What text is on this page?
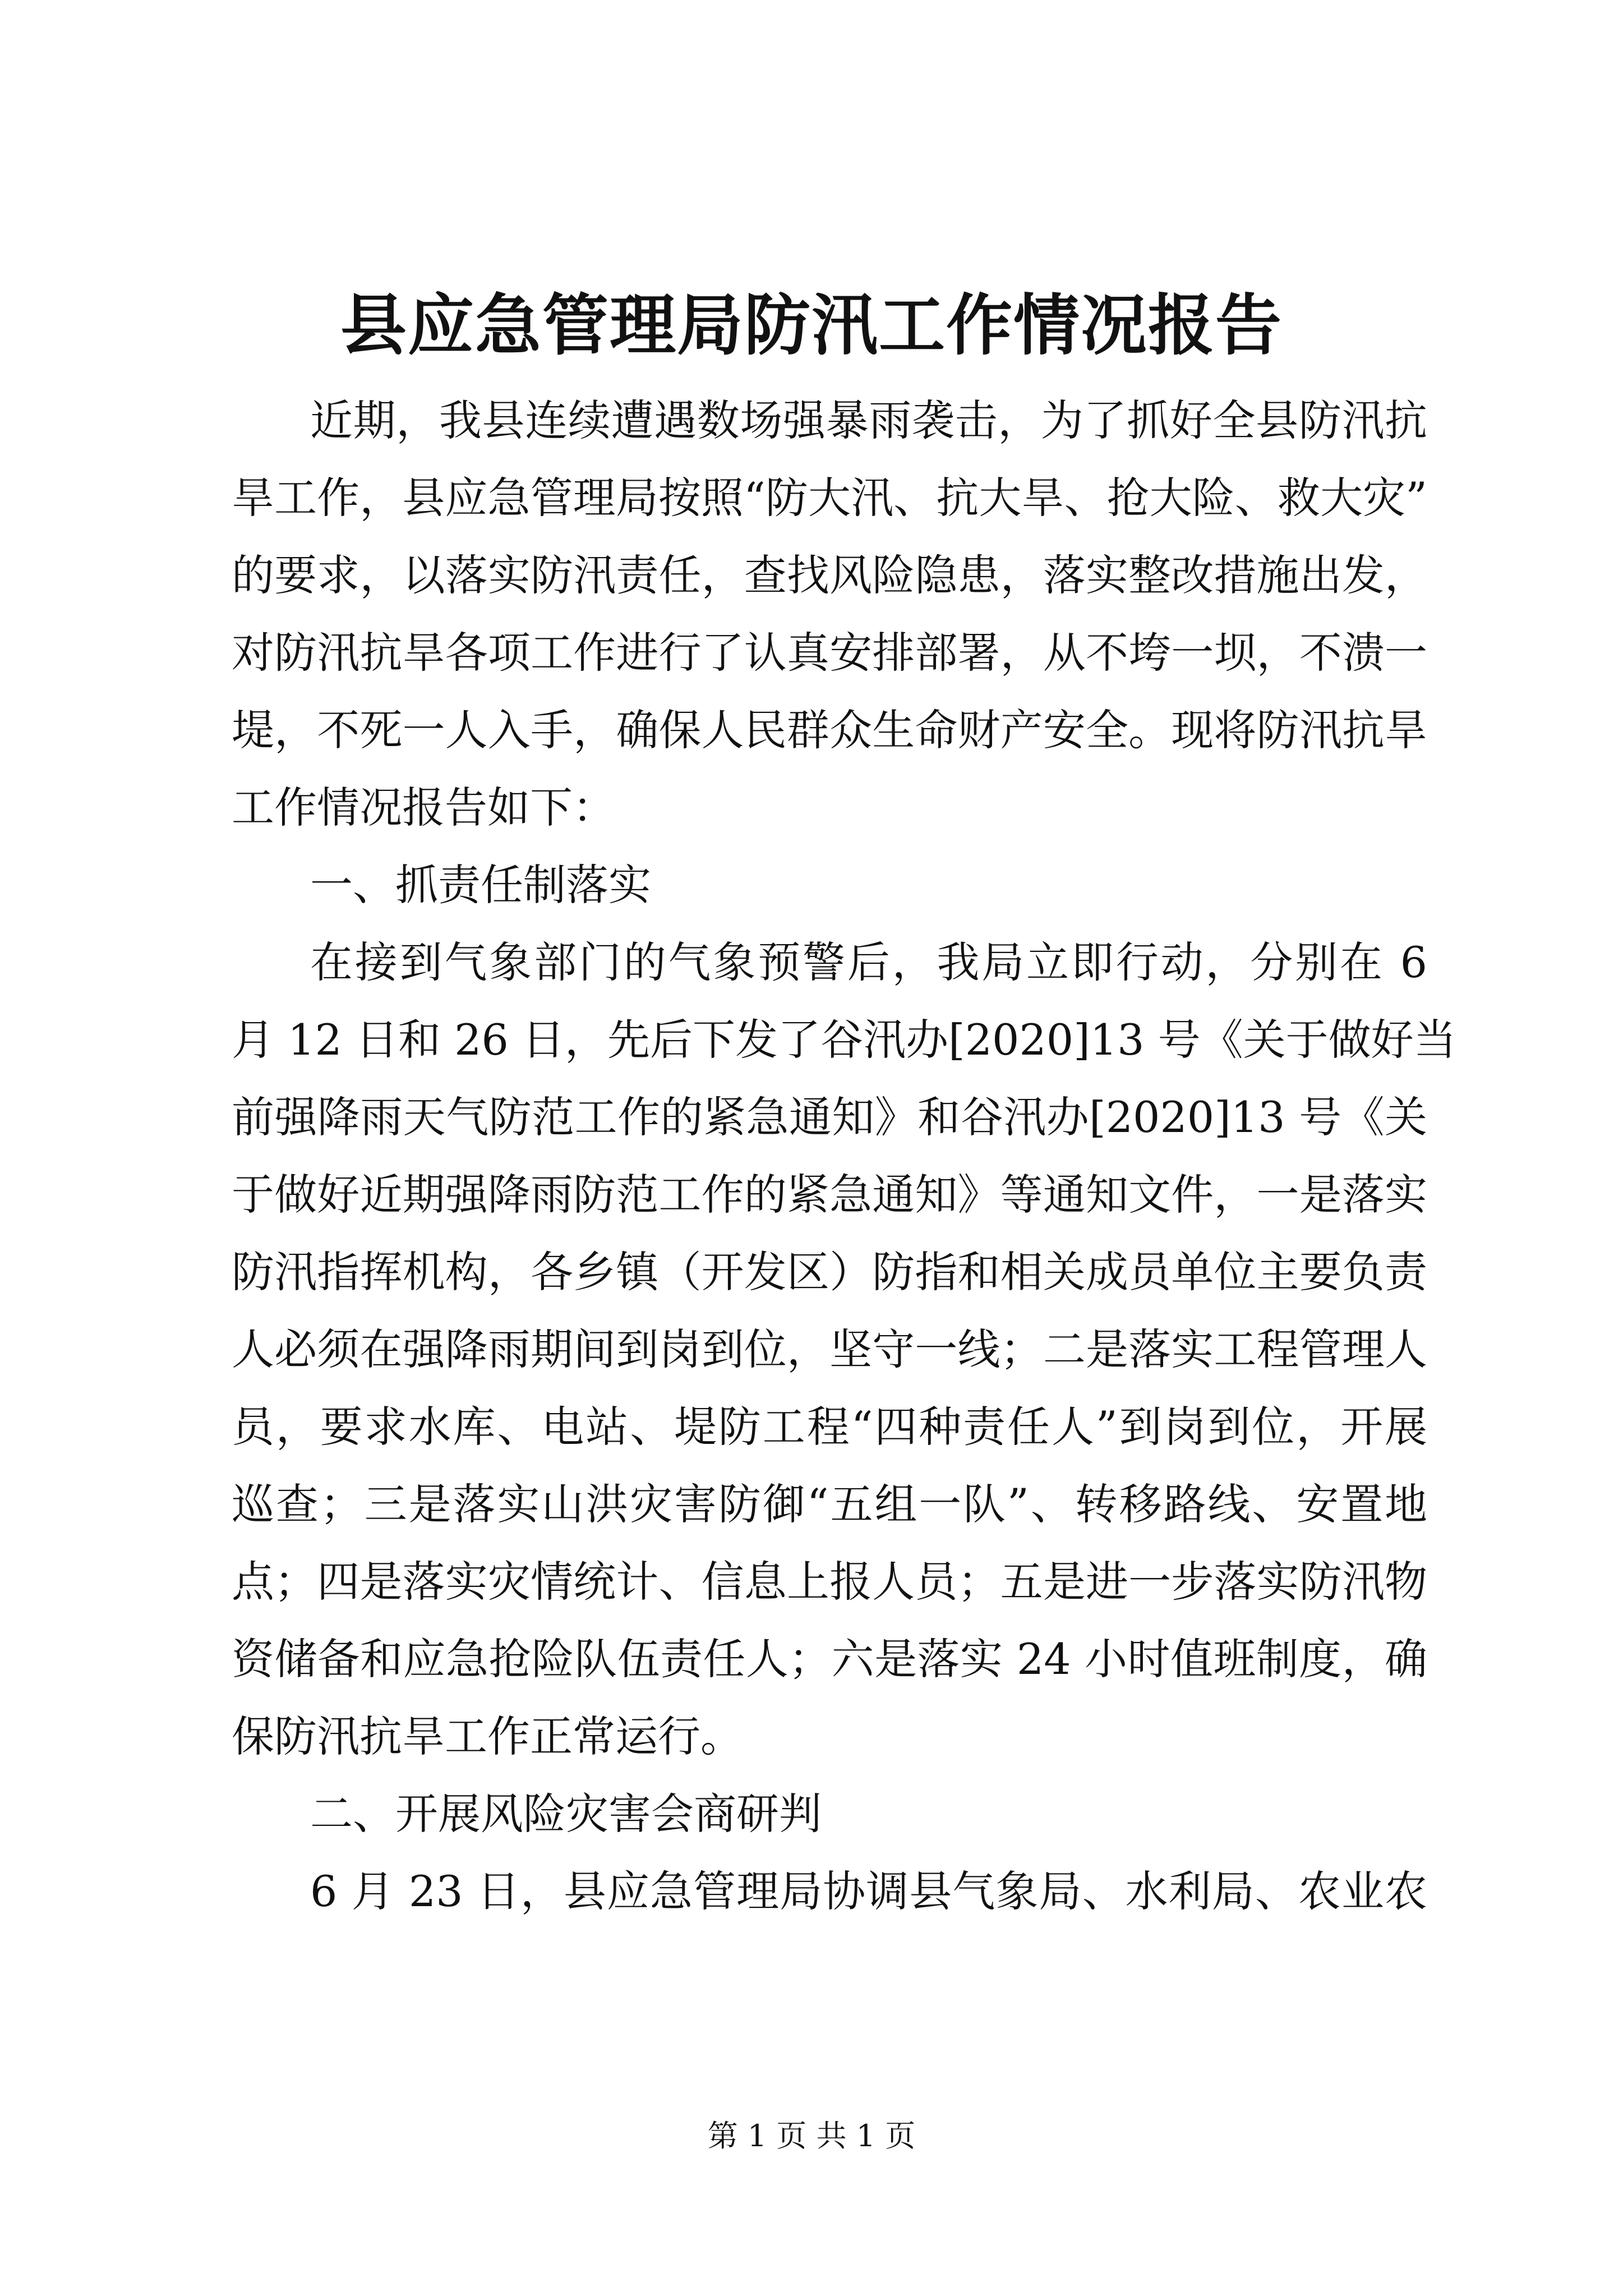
县应急管理局防汛工作情况报告
近期，我县连续遭遇数场强暴雨袭击，为了抓好全县防汛抗
旱工作，县应急管理局按照“防大汛、抗大旱、抢大险、救大灾”
的要求，以落实防汛责任，查找风险隐患，落实整改措施出发，
对防汛抗旱各项工作进行了认真安排部署，从不垮一坝，不溃一
堤，不死一人入手，确保人民群众生命财产安全。现将防汛抗旱
工作情况报告如下：
一、抓责任制落实
在接到气象部门的气象预警后，我局立即行动，分别在 6
月 12 日和 26 日，先后下发了谷汛办[2020]13 号《关于做好当
前强降雨天气防范工作的紧急通知》和谷汛办[2020]13 号《关
于做好近期强降雨防范工作的紧急通知》等通知文件，一是落实
防汛指挥机构，各乡镇（开发区）防指和相关成员单位主要负责
人必须在强降雨期间到岗到位，坚守一线；二是落实工程管理人
员，要求水库、电站、堤防工程“四种责任人”到岗到位，开展
巡查；三是落实山洪灾害防御“五组一队”、转移路线、安置地
点；四是落实灾情统计、信息上报人员；五是进一步落实防汛物
资储备和应急抢险队伍责任人；六是落实 24 小时值班制度，确
保防汛抗旱工作正常运行。
二、开展风险灾害会商研判
6 月 23 日，县应急管理局协调县气象局、水利局、农业农
第 1 页 共 1 页
